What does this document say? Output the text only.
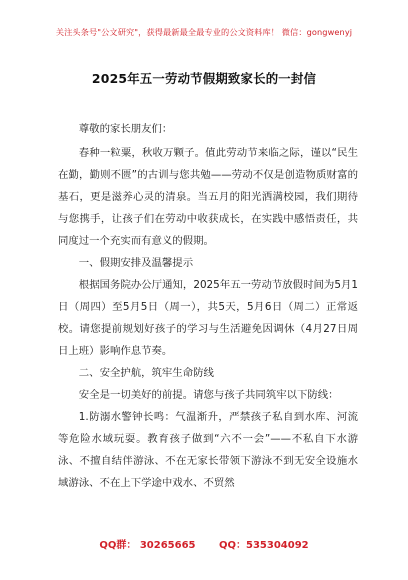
关注头条号"公文研究"，获得最新最全最专业的公文资料库！ 微信：gongwenyj
2025年五一劳动节假期致家长的一封信
尊敬的家长朋友们：
春种一粒粟，秋收万颗子。值此劳动节来临之际，谨以“民生在勤，勤则不匮”的古训与您共勉——劳动不仅是创造物质财富的基石，更是滋养心灵的清泉。当五月的阳光洒满校园，我们期待与您携手，让孩子们在劳动中收获成长，在实践中感悟责任，共同度过一个充实而有意义的假期。
一、假期安排及温馨提示
根据国务院办公厅通知，2025年五一劳动节放假时间为5月1日（周四）至5月5日（周一），共5天，5月6日（周二）正常返校。请您提前规划好孩子的学习与生活避免因调休（4月27日周日上班）影响作息节奏。
二、安全护航，筑牢生命防线
安全是一切美好的前提。请您与孩子共同筑牢以下防线：
1.防溺水警钟长鸣：气温渐升，严禁孩子私自到水库、河流等危险水域玩耍。教育孩子做到“六不一会”——不私自下水游泳、不擅自结伴游泳、不在无家长带领下游泳不到无安全设施水域游泳、不在上下学途中戏水、不贸然
QQ群： 30265665 QQ：535304092
